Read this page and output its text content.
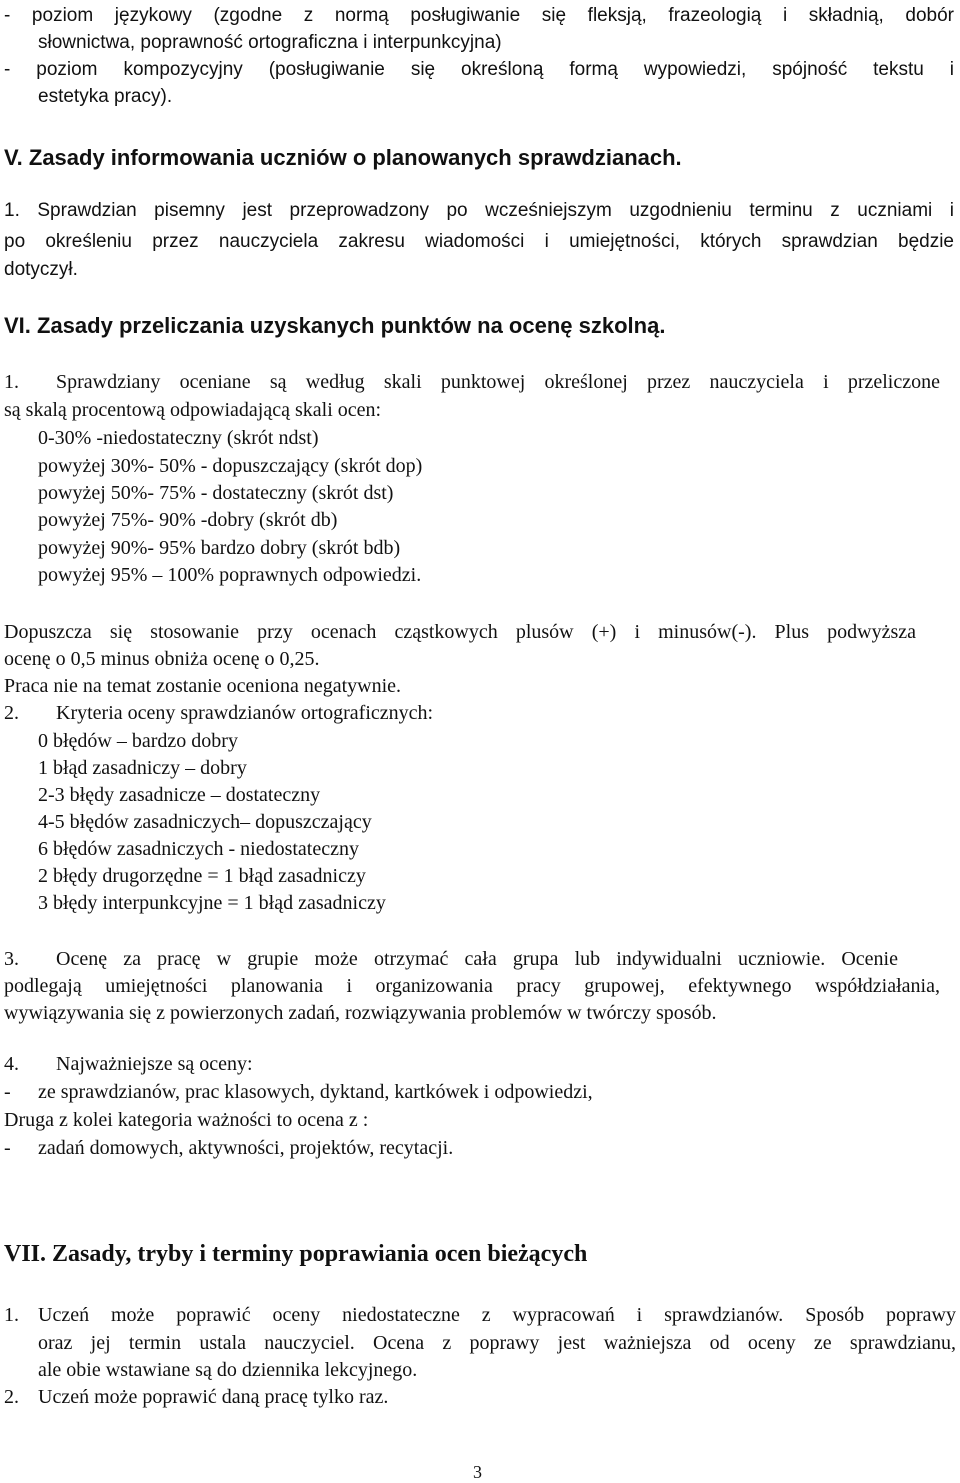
- poziom językowy (zgodne z normą posługiwanie się fleksją, frazeologią i składnią, dobór
słownictwa, poprawność ortograficzna i interpunkcyjna)
- poziom kompozycyjny (posługiwanie się określoną formą wypowiedzi, spójność tekstu i
estetyka pracy).
V. Zasady informowania uczniów o planowanych sprawdzianach.
1. Sprawdzian pisemny jest przeprowadzony po wcześniejszym uzgodnieniu terminu z uczniami i
po określeniu przez nauczyciela zakresu wiadomości i umiejętności, których sprawdzian będzie
dotyczył.
VI. Zasady przeliczania uzyskanych punktów na ocenę szkolną.
1. Sprawdziany oceniane są według skali punktowej określonej przez nauczyciela i przeliczone
są skalą procentową odpowiadającą skali ocen:
0-30% -niedostateczny (skrót ndst)
powyżej 30%- 50% - dopuszczający (skrót dop)
powyżej 50%- 75% - dostateczny (skrót dst)
powyżej 75%- 90% -dobry (skrót db)
powyżej 90%- 95% bardzo dobry (skrót bdb)
powyżej 95% – 100% poprawnych odpowiedzi.
Dopuszcza się stosowanie przy ocenach cząstkowych plusów (+) i minusów(-). Plus podwyższa
ocenę o 0,5 minus obniża ocenę o 0,25.
Praca nie na temat zostanie oceniona negatywnie.
2. Kryteria oceny sprawdzianów ortograficznych:
0 błędów – bardzo dobry
1 błąd zasadniczy – dobry
2-3 błędy zasadnicze – dostateczny
4-5 błędów zasadniczych– dopuszczający
6 błędów zasadniczych - niedostateczny
2 błędy drugorzędne = 1 błąd zasadniczy
3 błędy interpunkcyjne = 1 błąd zasadniczy
3. Ocenę za pracę w grupie może otrzymać cała grupa lub indywidualni uczniowie. Ocenie
podlegają umiejętności planowania i organizowania pracy grupowej, efektywnego współdziałania,
wywiązywania się z powierzonych zadań, rozwiązywania problemów w twórczy sposób.
4. Najważniejsze są oceny:
- ze sprawdzianów, prac klasowych, dyktand, kartkówek i odpowiedzi,
Druga z kolei kategoria ważności to ocena z :
- zadań domowych, aktywności, projektów, recytacji.
VII. Zasady, tryby i terminy poprawiania ocen bieżących
1. Uczeń może poprawić oceny niedostateczne z wypracowań i sprawdzianów. Sposób poprawy
oraz jej termin ustala nauczyciel. Ocena z poprawy jest ważniejsza od oceny ze sprawdzianu,
ale obie wstawiane są do dziennika lekcyjnego.
2. Uczeń może poprawić daną pracę tylko raz.
3
